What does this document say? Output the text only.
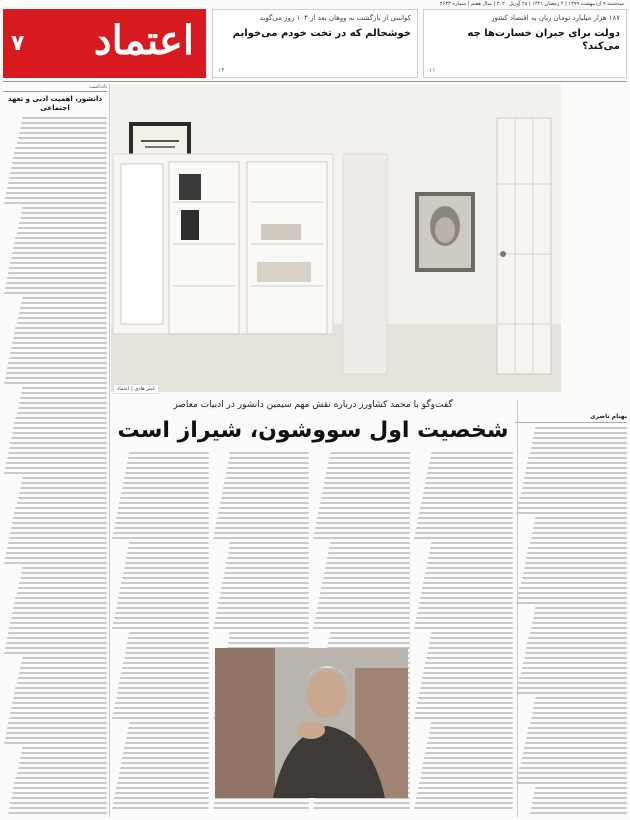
سه‌شنبه ۹ اردیبهشت ۱۳۹۹ | ۴ رمضان ۱۴۴۱ | ۲۸ آوریل ۲۰۲۰ | سال هفتم | شماره ۴۶۳۳
۱۸۷ هزار میلیارد تومان زیان به اقتصاد کشور
دولت برای جبران خسارت‌ها چه می‌کند؟
۱۱
کواسی از بازگشت به ووهان بعد از ۱۰۴ روز می‌گوید
خوشحالم که در تخت خودم می‌خوابم
۱۴
اعتماد
۷
یادداشت
دانشور، اهمیت ادبی و تعهد اجتماعی
امیر هادی | اعتماد
گفت‌وگو با محمد کشاورز درباره نقش مهم سیمین دانشور در ادبیات معاصر
شخصیت اول سووشون، شیراز است
بهنام ناصری
